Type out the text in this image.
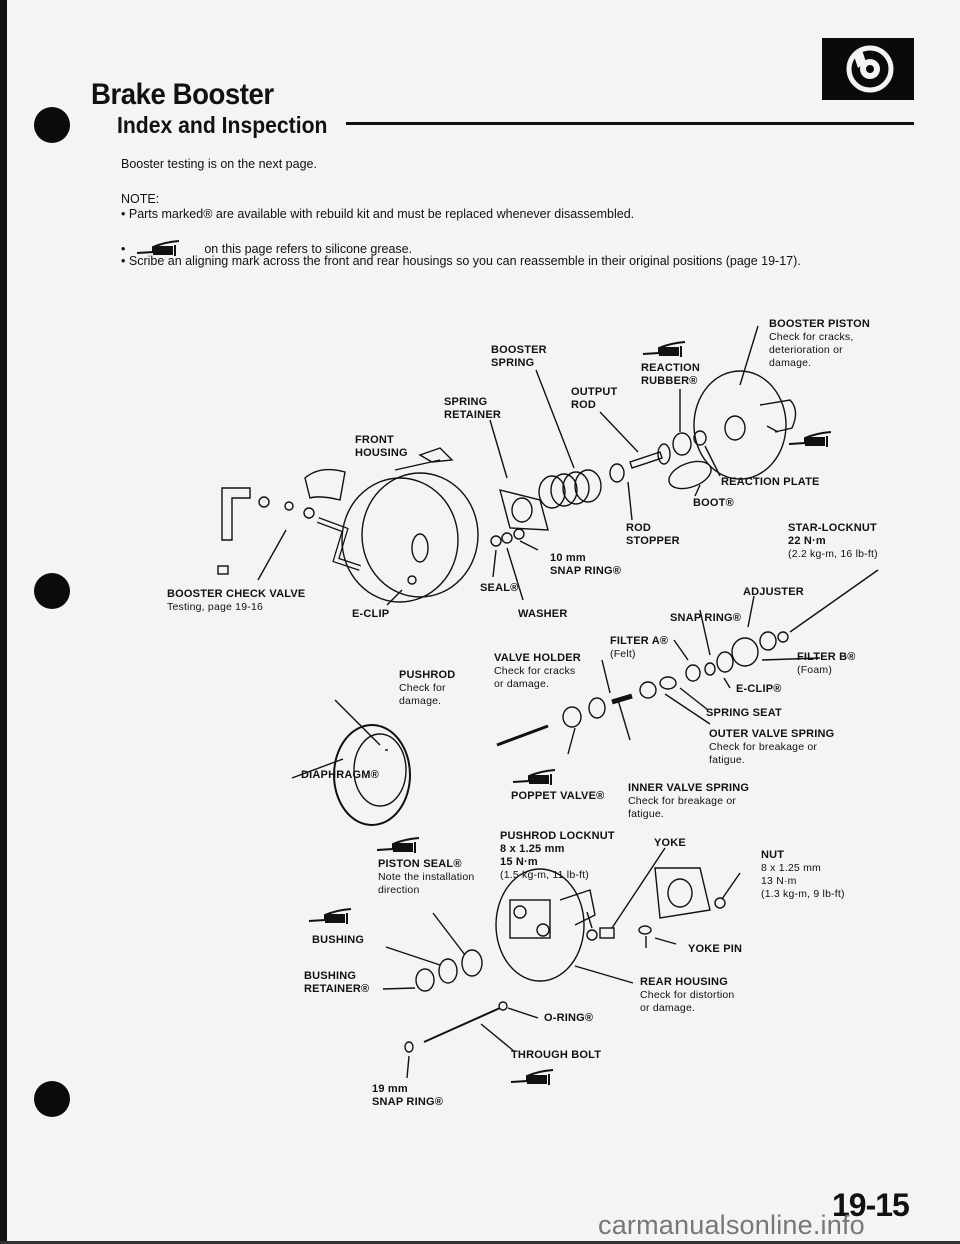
Brake Booster
Index and Inspection
Booster testing is on the next page.
NOTE:
• Parts marked® are available with rebuild kit and must be replaced whenever disassembled.
•	on this page refers to silicone grease.
• Scribe an aligning mark across the front and rear housings so you can reassemble in their original positions (page 19-17).
BOOSTER PISTON
Check for cracks,
deterioration or
damage.
BOOSTER
SPRING	REACTION
RUBBER®
SPRING
RETAINER
OUTPUT
ROD
FRONT
HOUSING
REACTION PLATE
BOOT®
ROD
STOPPER
STAR-LOCKNUT
22 N·m
(2.2 kg-m, 16 lb-ft)
10 mm
SNAP RING®
BOOSTER CHECK VALVE
Testing, page 19-16
E-CLIP
SEAL®
WASHER
ADJUSTER
SNAP RING®
FILTER A®
(Felt)
VALVE HOLDER
Check for cracks
or damage.
FILTER B®
(Foam)
PUSHROD
Check for
damage.
E-CLIP®
SPRING SEAT
OUTER VALVE SPRING
Check for breakage or
fatigue.
DIAPHRAGM®
POPPET VALVE®
INNER VALVE SPRING
Check for breakage or
fatigue.
PUSHROD LOCKNUT
8 x 1.25 mm
15 N·m
(1.5 kg-m, 11 lb-ft)
PISTON SEAL®
Note the installation
direction
YOKE
NUT
8 x 1.25 mm
13 N·m
(1.3 kg-m, 9 lb-ft)
BUSHING
YOKE PIN
BUSHING
RETAINER®
REAR HOUSING
Check for distortion
or damage.
O-RING®
THROUGH BOLT
19 mm
SNAP RING®
19-15
carmanualsonline.info
